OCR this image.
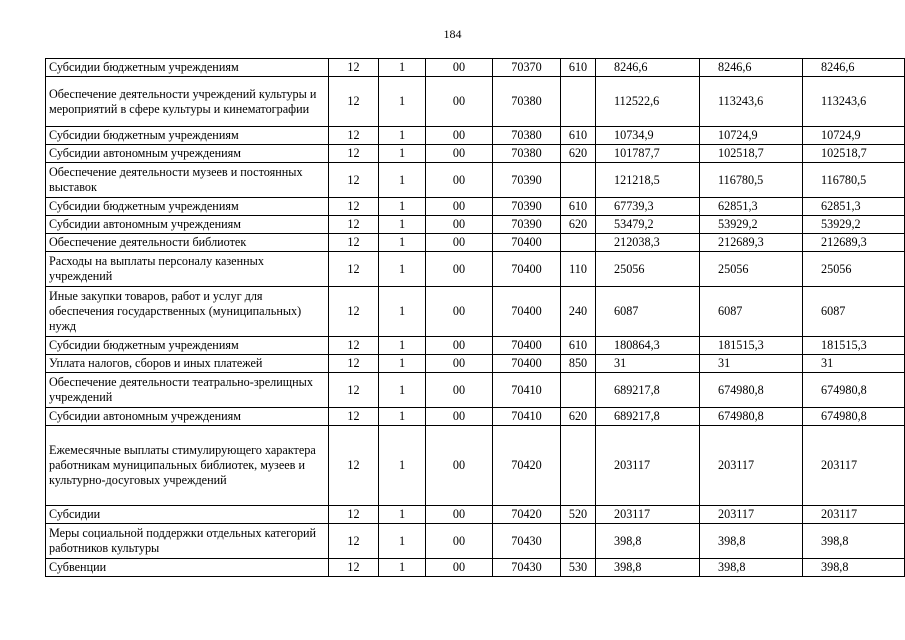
184
Субсидии бюджетным учреждениям	12	1	00	70370	610	8246,6	8246,6	8246,6
Обеспечение деятельности учреждений культуры и мероприятий в сфере культуры и кинематографии	12	1	00	70380		112522,6	113243,6	113243,6
Субсидии бюджетным учреждениям	12	1	00	70380	610	10734,9	10724,9	10724,9
Субсидии автономным учреждениям	12	1	00	70380	620	101787,7	102518,7	102518,7
Обеспечение деятельности музеев и постоянных выставок	12	1	00	70390		121218,5	116780,5	116780,5
Субсидии бюджетным учреждениям	12	1	00	70390	610	67739,3	62851,3	62851,3
Субсидии автономным учреждениям	12	1	00	70390	620	53479,2	53929,2	53929,2
Обеспечение деятельности библиотек	12	1	00	70400		212038,3	212689,3	212689,3
Расходы на выплаты персоналу казенных учреждений	12	1	00	70400	110	25056	25056	25056
Иные закупки товаров, работ и услуг для обеспечения государственных (муниципальных) нужд	12	1	00	70400	240	6087	6087	6087
Субсидии бюджетным учреждениям	12	1	00	70400	610	180864,3	181515,3	181515,3
Уплата налогов, сборов и иных платежей	12	1	00	70400	850	31	31	31
Обеспечение деятельности театрально-зрелищных учреждений	12	1	00	70410		689217,8	674980,8	674980,8
Субсидии автономным учреждениям	12	1	00	70410	620	689217,8	674980,8	674980,8
Ежемесячные выплаты стимулирующего характера работникам муниципальных библиотек, музеев и культурно-досуговых учреждений	12	1	00	70420		203117	203117	203117
Субсидии	12	1	00	70420	520	203117	203117	203117
Меры социальной поддержки отдельных категорий работников культуры	12	1	00	70430		398,8	398,8	398,8
Субвенции	12	1	00	70430	530	398,8	398,8	398,8
